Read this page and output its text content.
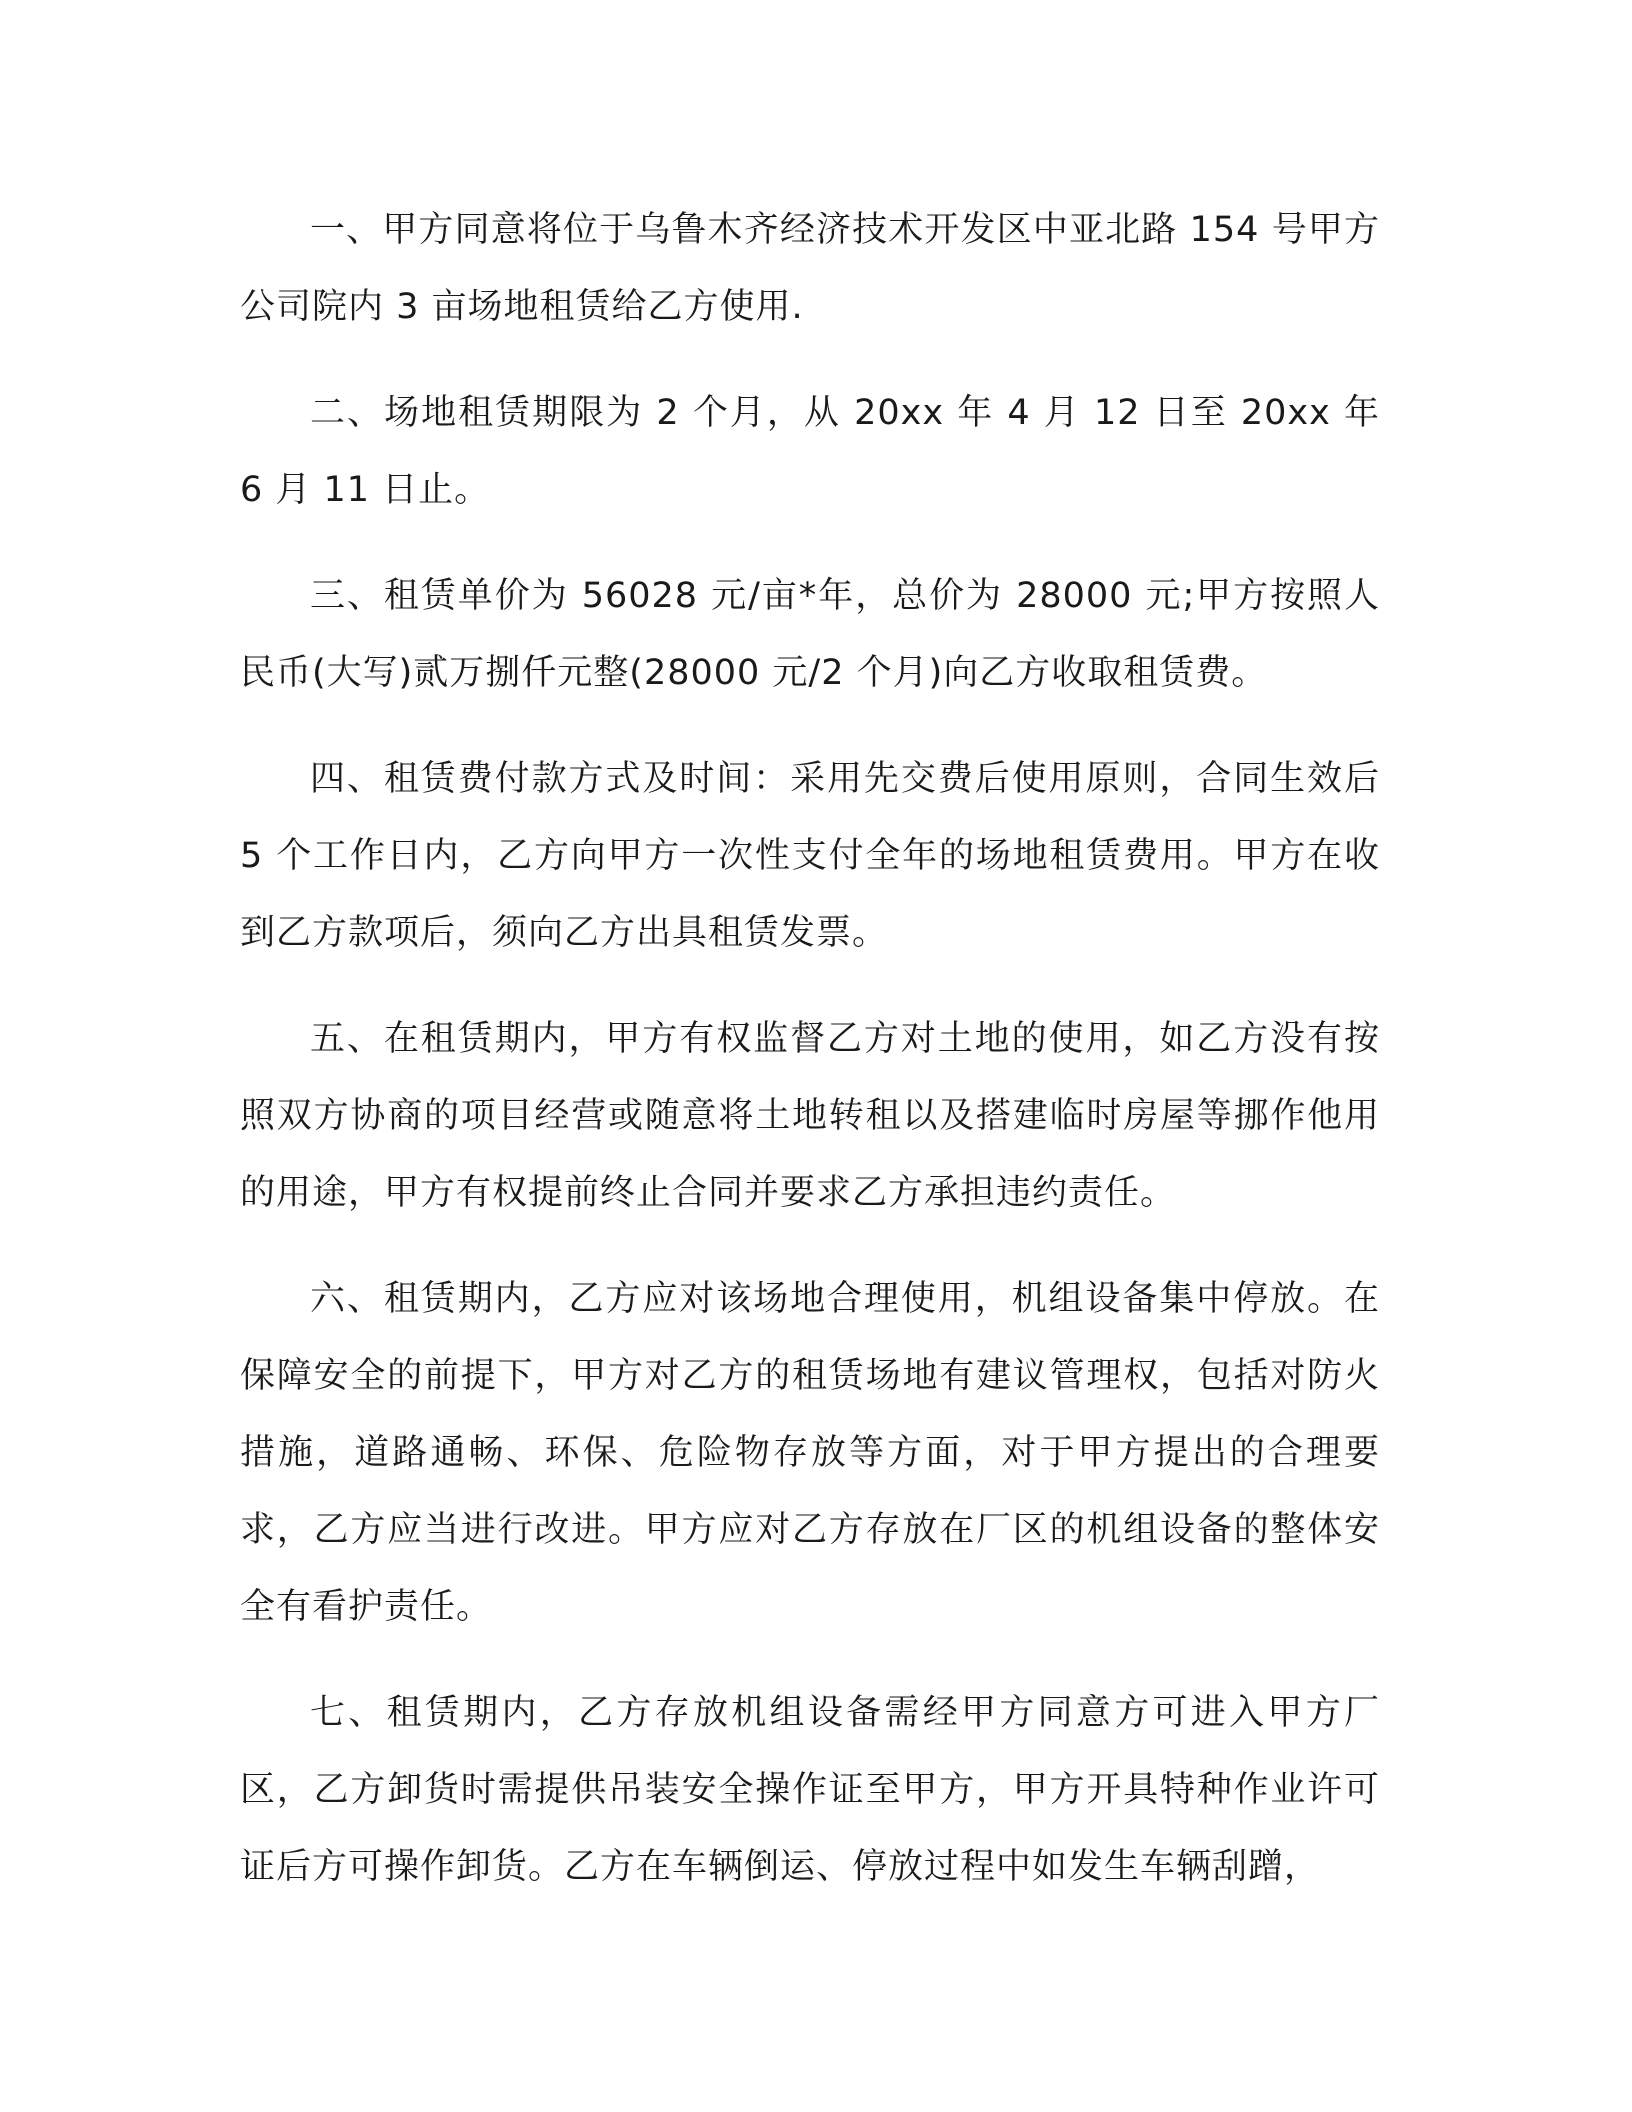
一、甲方同意将位于乌鲁木齐经济技术开发区中亚北路 154 号甲方公司院内 3 亩场地租赁给乙方使用.

二、场地租赁期限为 2 个月，从 20xx 年 4 月 12 日至 20xx 年 6 月 11 日止。

三、租赁单价为 56028 元/亩*年，总价为 28000 元;甲方按照人民币(大写)贰万捌仟元整(28000 元/2 个月)向乙方收取租赁费。

四、租赁费付款方式及时间：采用先交费后使用原则，合同生效后 5 个工作日内，乙方向甲方一次性支付全年的场地租赁费用。甲方在收到乙方款项后，须向乙方出具租赁发票。

五、在租赁期内，甲方有权监督乙方对土地的使用，如乙方没有按照双方协商的项目经营或随意将土地转租以及搭建临时房屋等挪作他用的用途，甲方有权提前终止合同并要求乙方承担违约责任。

六、租赁期内，乙方应对该场地合理使用，机组设备集中停放。在保障安全的前提下，甲方对乙方的租赁场地有建议管理权，包括对防火措施，道路通畅、环保、危险物存放等方面，对于甲方提出的合理要求，乙方应当进行改进。甲方应对乙方存放在厂区的机组设备的整体安全有看护责任。

七、租赁期内，乙方存放机组设备需经甲方同意方可进入甲方厂区，乙方卸货时需提供吊装安全操作证至甲方，甲方开具特种作业许可证后方可操作卸货。乙方在车辆倒运、停放过程中如发生车辆刮蹭，
